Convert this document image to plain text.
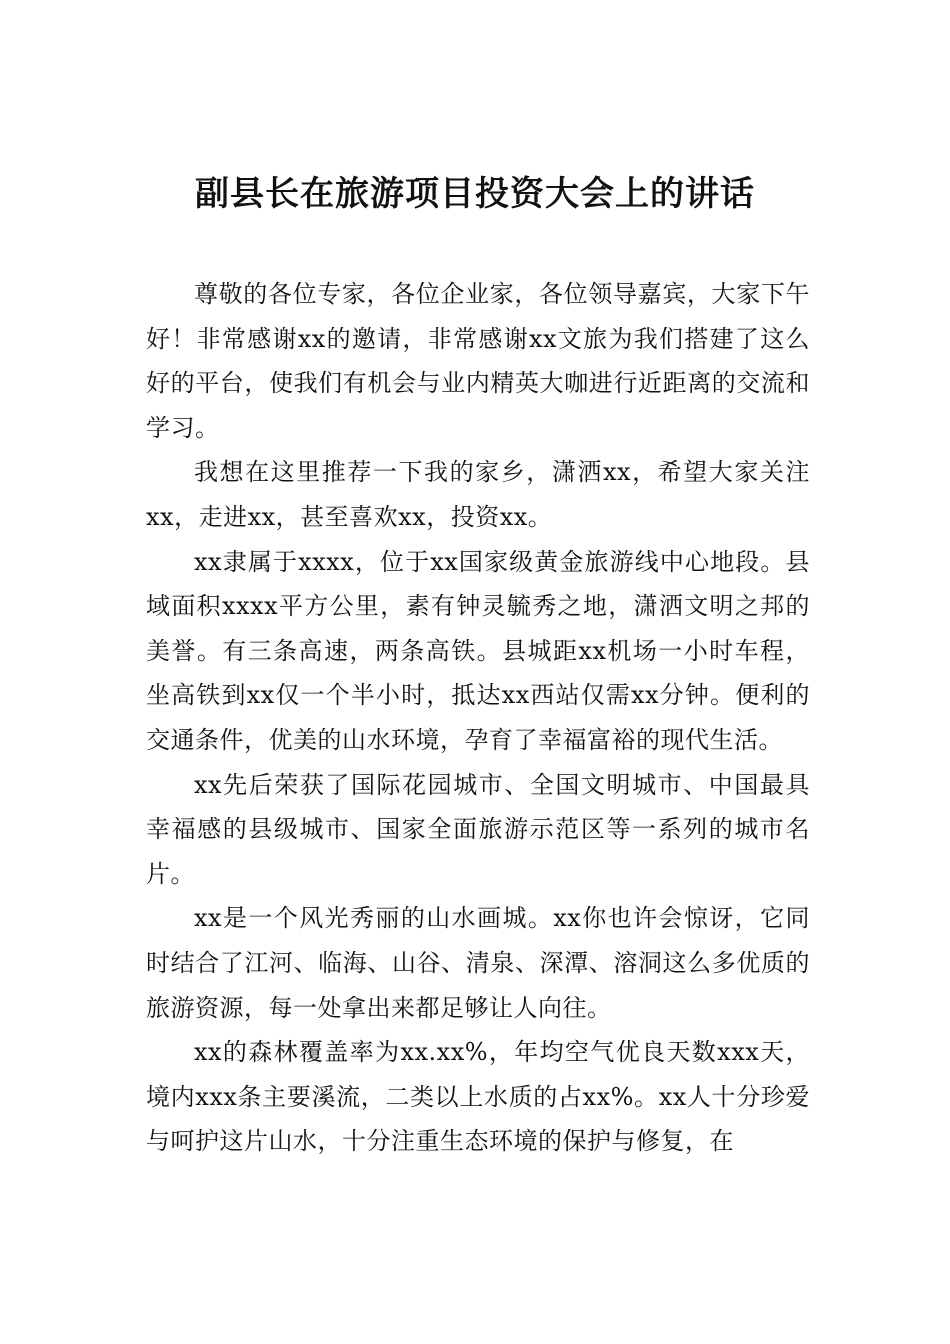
副县长在旅游项目投资大会上的讲话

尊敬的各位专家，各位企业家，各位领导嘉宾，大家下午好！非常感谢xx的邀请，非常感谢xx文旅为我们搭建了这么好的平台，使我们有机会与业内精英大咖进行近距离的交流和学习。

我想在这里推荐一下我的家乡，潇洒xx，希望大家关注xx，走进xx，甚至喜欢xx，投资xx。

xx隶属于xxxx，位于xx国家级黄金旅游线中心地段。县域面积xxxx平方公里，素有钟灵毓秀之地，潇洒文明之邦的美誉。有三条高速，两条高铁。县城距xx机场一小时车程，坐高铁到xx仅一个半小时，抵达xx西站仅需xx分钟。便利的交通条件，优美的山水环境，孕育了幸福富裕的现代生活。

xx先后荣获了国际花园城市、全国文明城市、中国最具幸福感的县级城市、国家全面旅游示范区等一系列的城市名片。

xx是一个风光秀丽的山水画城。xx你也许会惊讶，它同时结合了江河、临海、山谷、清泉、深潭、溶洞这么多优质的旅游资源，每一处拿出来都足够让人向往。

xx的森林覆盖率为xx.xx%，年均空气优良天数xxx天，境内xxx条主要溪流，二类以上水质的占xx%。xx人十分珍爱与呵护这片山水，十分注重生态环境的保护与修复，在
